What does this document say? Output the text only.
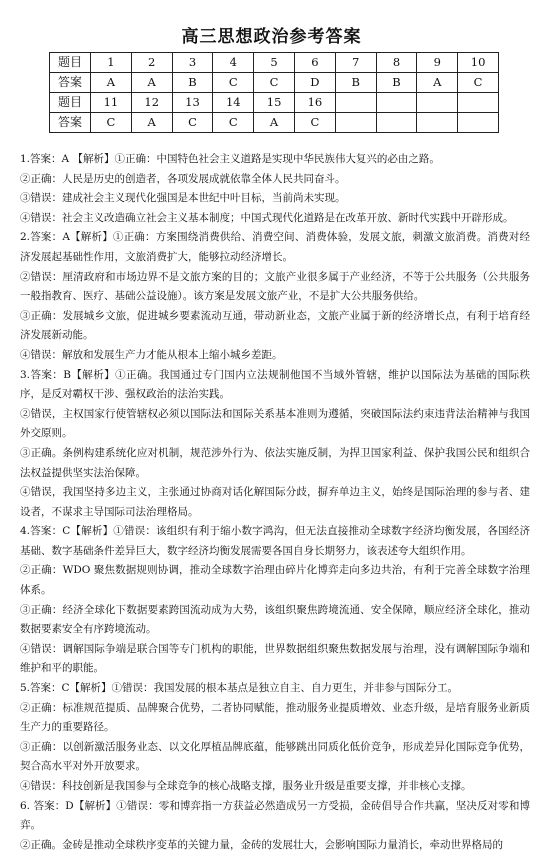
高三思想政治参考答案
题目	1	2	3	4	5	6	7	8	9	10
答案	A	A	B	C	C	D	B	B	A	C
题目	11	12	13	14	15	16				
答案	C	A	C	C	A	C				

1.答案：A 【解析】①正确：中国特色社会主义道路是实现中华民族伟大复兴的必由之路。

②正确：人民是历史的创造者，各项发展成就依靠全体人民共同奋斗。

③错误：建成社会主义现代化强国是本世纪中叶目标，当前尚未实现。

④错误：社会主义改造确立社会主义基本制度；中国式现代化道路是在改革开放、新时代实践中开辟形成。

2.答案：A【解析】①正确：方案围绕消费供给、消费空间、消费体验，发展文旅，刺激文旅消费。消费对经济发展起基础性作用，文旅消费扩大，能够拉动经济增长。

②错误：厘清政府和市场边界不是文旅方案的目的；文旅产业很多属于产业经济，不等于公共服务（公共服务一般指教育、医疗、基础公益设施）。该方案是发展文旅产业，不是扩大公共服务供给。

③正确：发展城乡文旅，促进城乡要素流动互通，带动新业态，文旅产业属于新的经济增长点，有利于培育经济发展新动能。

④错误：解放和发展生产力才能从根本上缩小城乡差距。

3.答案：B【解析】①正确。我国通过专门国内立法规制他国不当域外管辖，维护以国际法为基础的国际秩序，是反对霸权干涉、强权政治的法治实践。

②错误，主权国家行使管辖权必须以国际法和国际关系基本准则为遵循，突破国际法约束违背法治精神与我国外交原则。

③正确。条例构建系统化应对机制，规范涉外行为、依法实施反制，为捍卫国家利益、保护我国公民和组织合法权益提供坚实法治保障。

④错误，我国坚持多边主义，主张通过协商对话化解国际分歧，摒弃单边主义，始终是国际治理的参与者、建设者，不谋求主导国际司法治理格局。

4.答案：C【解析】①错误：该组织有利于缩小数字鸿沟，但无法直接推动全球数字经济均衡发展，各国经济基础、数字基础条件差异巨大，数字经济均衡发展需要各国自身长期努力，该表述夸大组织作用。

②正确：WDO 聚焦数据规则协调，推动全球数字治理由碎片化博弈走向多边共治，有利于完善全球数字治理体系。

③正确：经济全球化下数据要素跨国流动成为大势，该组织聚焦跨境流通、安全保障，顺应经济全球化，推动数据要素安全有序跨境流动。

④错误：调解国际争端是联合国等专门机构的职能，世界数据组织聚焦数据发展与治理，没有调解国际争端和维护和平的职能。

5.答案：C【解析】①错误：我国发展的根本基点是独立自主、自力更生，并非参与国际分工。

②正确：标准规范提质、品牌聚合优势，二者协同赋能，推动服务业提质增效、业态升级，是培育服务业新质生产力的重要路径。

③正确：以创新激活服务业态、以文化厚植品牌底蕴，能够跳出同质化低价竞争，形成差异化国际竞争优势，契合高水平对外开放要求。

④错误：科技创新是我国参与全球竞争的核心战略支撑，服务业升级是重要支撑，并非核心支撑。

6. 答案：D【解析】①错误：零和博弈指一方获益必然造成另一方受损，金砖倡导合作共赢，坚决反对零和博弈。

②正确。金砖是推动全球秩序变革的关键力量，金砖的发展壮大，会影响国际力量消长，牵动世界格局的
